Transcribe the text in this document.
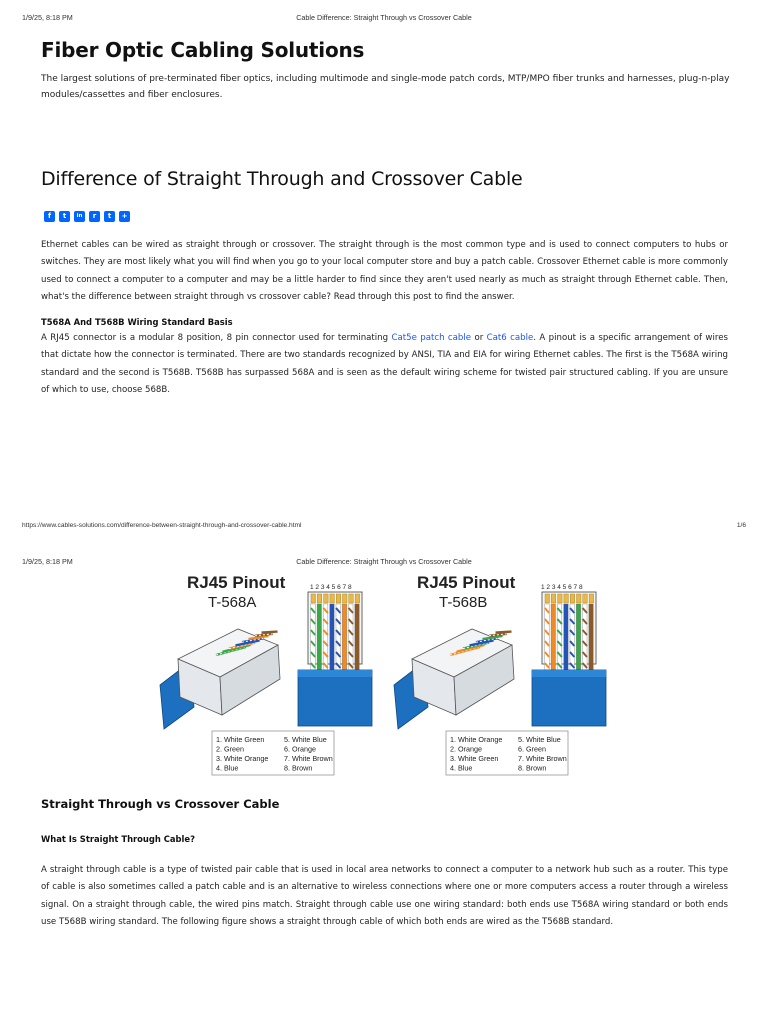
1/9/25, 8:18 PM	Cable Difference: Straight Through vs Crossover Cable
Fiber Optic Cabling Solutions
The largest solutions of pre-terminated fiber optics, including multimode and single-mode patch cords, MTP/MPO fiber trunks and harnesses, plug-n-play modules/cassettes and fiber enclosures.
Difference of Straight Through and Crossover Cable
f	t	in	r	t	+

Ethernet cables can be wired as straight through or crossover. The straight through is the most common type and is used to connect computers to hubs or switches. They are most likely what you will find when you go to your local computer store and buy a patch cable. Crossover Ethernet cable is more commonly used to connect a computer to a computer and may be a little harder to find since they aren't used nearly as much as straight through Ethernet cable. Then, what's the difference between straight through vs crossover cable? Read through this post to find the answer.

T568A And T568B Wiring Standard Basis

A RJ45 connector is a modular 8 position, 8 pin connector used for terminating Cat5e patch cable or Cat6 cable. A pinout is a specific arrangement of wires that dictate how the connector is terminated. There are two standards recognized by ANSI, TIA and EIA for wiring Ethernet cables. The first is the T568A wiring standard and the second is T568B. T568B has surpassed 568A and is seen as the default wiring scheme for twisted pair structured cabling. If you are unsure of which to use, choose 568B.

https://www.cables-solutions.com/difference-between-straight-through-and-crossover-cable.html	1/6
1/9/25, 8:18 PM	Cable Difference: Straight Through vs Crossover Cable
RJ45 Pinout
T-568A
1 2 3 4 5 6 7 8
1. White Green
2. Green
3. White Orange
4. Blue
5. White Blue
6. Orange
7. White Brown
8. Brown
RJ45 Pinout
T-568B
1 2 3 4 5 6 7 8
1. White Orange
2. Orange
3. White Green
4. Blue
5. White Blue
6. Green
7. White Brown
8. Brown
Straight Through vs Crossover Cable
What Is Straight Through Cable?

A straight through cable is a type of twisted pair cable that is used in local area networks to connect a computer to a network hub such as a router. This type of cable is also sometimes called a patch cable and is an alternative to wireless connections where one or more computers access a router through a wireless signal. On a straight through cable, the wired pins match. Straight through cable use one wiring standard: both ends use T568A wiring standard or both ends use T568B wiring standard. The following figure shows a straight through cable of which both ends are wired as the T568B standard.
